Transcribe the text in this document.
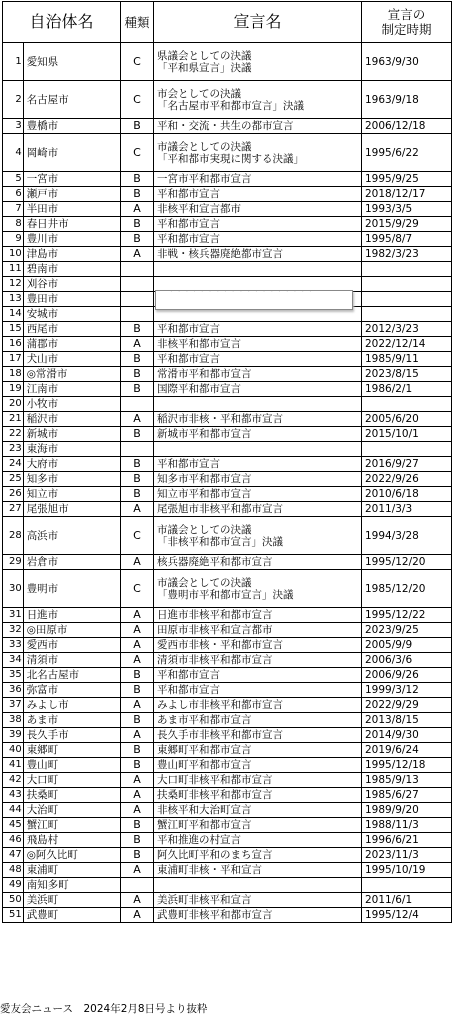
自治体名		種類	宣言名	宣言の
制定時期
1	愛知県	C	県議会としての決議
「平和県宣言」決議	1963/9/30
2	名古屋市	C	市会としての決議
「名古屋市平和都市宣言」決議	1963/9/18
3	豊橋市	B	平和・交流・共生の都市宣言	2006/12/18
4	岡崎市	C	市議会としての決議
「平和都市実現に関する決議」	1995/6/22
5	一宮市	B	一宮市平和都市宣言	1995/9/25
6	瀬戸市	B	平和都市宣言	2018/12/17
7	半田市	A	非核平和宣言都市	1993/3/5
8	春日井市	B	平和都市宣言	2015/9/29
9	豊川市	B	平和都市宣言	1995/8/7
10	津島市	A	非戦・核兵器廃絶都市宣言	1982/3/23
11	碧南市			
12	刈谷市			
13	豊田市			
14	安城市			
15	西尾市	B	平和都市宣言	2012/3/23
16	蒲郡市	A	非核平和都市宣言	2022/12/14
17	犬山市	B	平和都市宣言	1985/9/11
18	◎常滑市	B	常滑市平和都市宣言	2023/8/15
19	江南市	B	国際平和都市宣言	1986/2/1
20	小牧市			
21	稲沢市	A	稲沢市非核・平和都市宣言	2005/6/20
22	新城市	B	新城市平和都市宣言	2015/10/1
23	東海市			
24	大府市	B	平和都市宣言	2016/9/27
25	知多市	B	知多市平和都市宣言	2022/9/26
26	知立市	B	知立市平和都市宣言	2010/6/18
27	尾張旭市	A	尾張旭市非核平和都市宣言	2011/3/3
28	高浜市	C	市議会としての決議
「非核平和都市宣言」決議	1994/3/28
29	岩倉市	A	核兵器廃絶平和都市宣言	1995/12/20
30	豊明市	C	市議会としての決議
「豊明市平和都市宣言」決議	1985/12/20
31	日進市	A	日進市非核平和都市宣言	1995/12/22
32	◎田原市	A	田原市非核平和宣言都市	2023/9/25
33	愛西市	A	愛西市非核・平和都市宣言	2005/9/9
34	清須市	A	清須市非核平和都市宣言	2006/3/6
35	北名古屋市	B	平和都市宣言	2006/9/26
36	弥富市	B	平和都市宣言	1999/3/12
37	みよし市	A	みよし市非核平和都市宣言	2022/9/29
38	あま市	B	あま市平和都市宣言	2013/8/15
39	長久手市	A	長久手市非核平和都市宣言	2014/9/30
40	東郷町	B	東郷町平和都市宣言	2019/6/24
41	豊山町	B	豊山町平和都市宣言	1995/12/18
42	大口町	A	大口町非核平和都市宣言	1985/9/13
43	扶桑町	A	扶桑町非核平和都市宣言	1985/6/27
44	大治町	A	非核平和大治町宣言	1989/9/20
45	蟹江町	B	蟹江町平和都市宣言	1988/11/3
46	飛島村	B	平和推進の村宣言	1996/6/21
47	◎阿久比町	B	阿久比町平和のまち宣言	2023/11/3
48	東浦町	A	東浦町非核・平和宣言	1995/10/19
49	南知多町			
50	美浜町	A	美浜町非核平和宣言	2011/6/1
51	武豊町	A	武豊町非核平和都市宣言	1995/12/4
· · · · · · · · · · · · · · · · · · ·
愛友会ニュース　2024年2月8日号より抜粋
